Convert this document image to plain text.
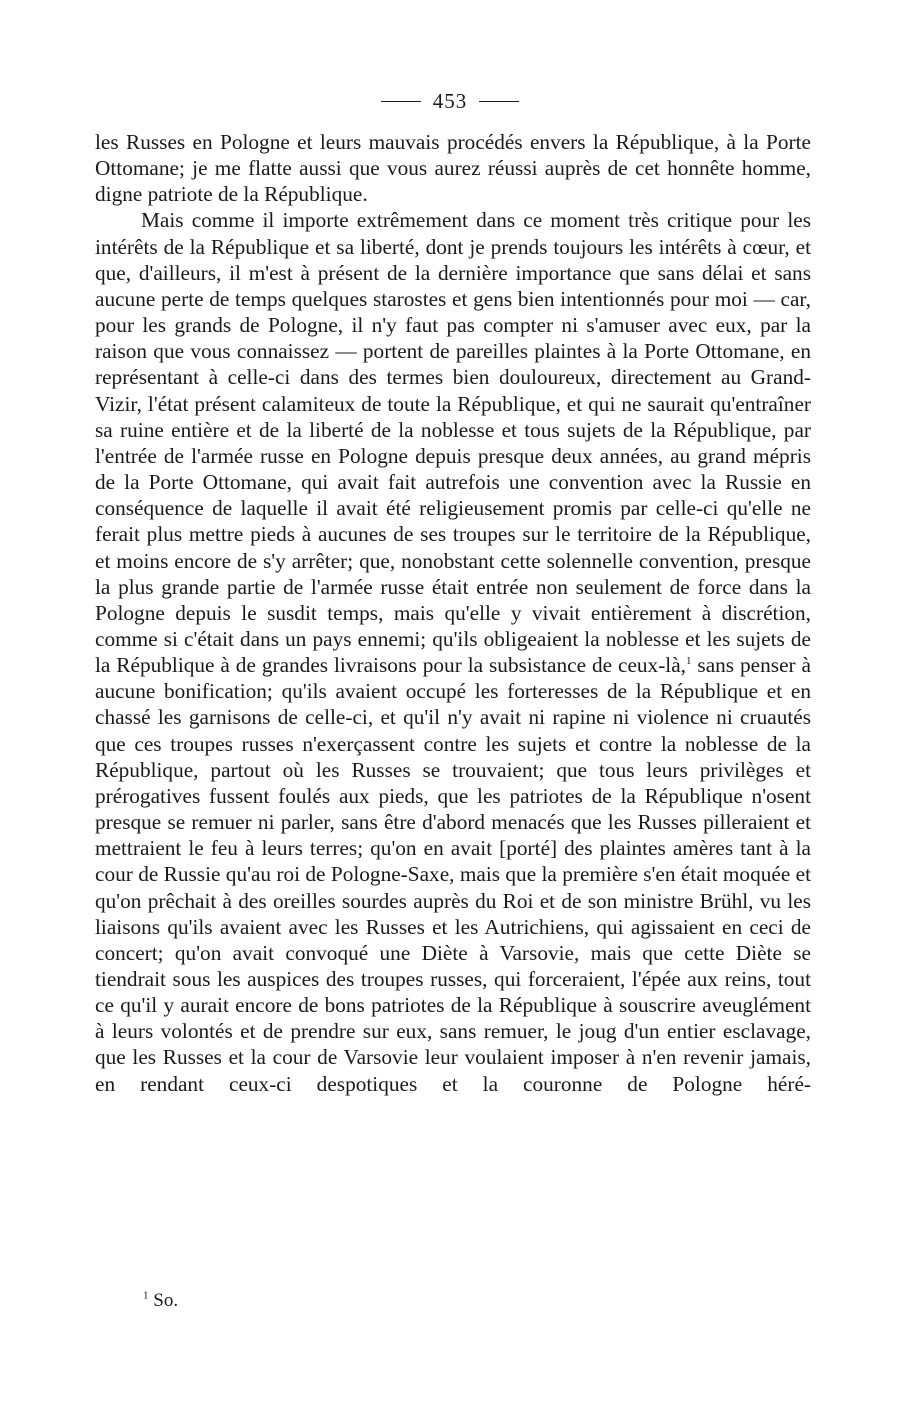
453

les Russes en Pologne et leurs mauvais procédés envers la République, à la Porte Ottomane; je me flatte aussi que vous aurez réussi auprès de cet honnête homme, digne patriote de la République.

Mais comme il importe extrêmement dans ce moment très critique pour les intérêts de la République et sa liberté, dont je prends toujours les intérêts à cœur, et que, d'ailleurs, il m'est à présent de la dernière importance que sans délai et sans aucune perte de temps quelques starostes et gens bien intentionnés pour moi — car, pour les grands de Pologne, il n'y faut pas compter ni s'amuser avec eux, par la raison que vous connaissez — portent de pareilles plaintes à la Porte Ottomane, en représentant à celle-ci dans des termes bien douloureux, directement au Grand-Vizir, l'état présent calamiteux de toute la République, et qui ne saurait qu'entraîner sa ruine entière et de la liberté de la noblesse et tous sujets de la République, par l'entrée de l'armée russe en Pologne depuis presque deux années, au grand mépris de la Porte Ottomane, qui avait fait autrefois une convention avec la Russie en conséquence de laquelle il avait été religieusement promis par celle-ci qu'elle ne ferait plus mettre pieds à aucunes de ses troupes sur le territoire de la République, et moins encore de s'y arrêter; que, nonobstant cette solennelle convention, presque la plus grande partie de l'armée russe était entrée non seulement de force dans la Pologne depuis le susdit temps, mais qu'elle y vivait entièrement à discrétion, comme si c'était dans un pays ennemi; qu'ils obligeaient la noblesse et les sujets de la République à de grandes livraisons pour la subsistance de ceux-là,$^1$ sans penser à aucune bonification; qu'ils avaient occupé les forteresses de la République et en chassé les garnisons de celle-ci, et qu'il n'y avait ni rapine ni violence ni cruautés que ces troupes russes n'exerçassent contre les sujets et contre la noblesse de la République, partout où les Russes se trouvaient; que tous leurs privilèges et prérogatives fussent foulés aux pieds, que les patriotes de la République n'osent presque se remuer ni parler, sans être d'abord menacés que les Russes pilleraient et mettraient le feu à leurs terres; qu'on en avait [porté] des plaintes amères tant à la cour de Russie qu'au roi de Pologne-Saxe, mais que la première s'en était moquée et qu'on prêchait à des oreilles sourdes auprès du Roi et de son ministre Brühl, vu les liaisons qu'ils avaient avec les Russes et les Autrichiens, qui agissaient en ceci de concert; qu'on avait convoqué une Diète à Varsovie, mais que cette Diète se tiendrait sous les auspices des troupes russes, qui forceraient, l'épée aux reins, tout ce qu'il y aurait encore de bons patriotes de la République à souscrire aveuglément à leurs volontés et de prendre sur eux, sans remuer, le joug d'un entier esclavage, que les Russes et la cour de Varsovie leur voulaient imposer à n'en revenir jamais, en rendant ceux-ci despotiques et la couronne de Pologne héré-

$^1$ So.
